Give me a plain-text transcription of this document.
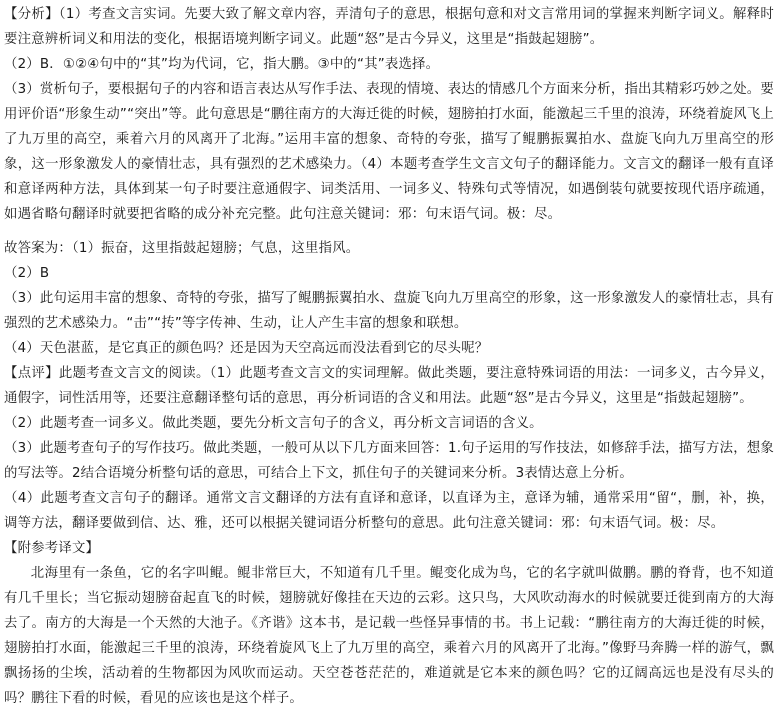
【分析】（1）考查文言实词。先要大致了解文章内容，弄清句子的意思，根据句意和对文言常用词的掌握来判断字词义。解释时要注意辨析词义和用法的变化，根据语境判断字词义。此题“怒”是古今异义，这里是“指鼓起翅膀”。

（2）B．①②④句中的“其”均为代词，它，指大鹏。③中的“其”表选择。

（3）赏析句子，要根据句子的内容和语言表达从写作手法、表现的情境、表达的情感几个方面来分析，指出其精彩巧妙之处。要用评价语“形象生动”“突出”等。此句意思是“鹏往南方的大海迁徙的时候，翅膀拍打水面，能激起三千里的浪涛，环绕着旋风飞上了九万里的高空，乘着六月的风离开了北海。”运用丰富的想象、奇特的夸张，描写了鲲鹏振翼拍水、盘旋飞向九万里高空的形象，这一形象激发人的豪情壮志，具有强烈的艺术感染力。（4）本题考查学生文言文句子的翻译能力。文言文的翻译一般有直译和意译两种方法，具体到某一句子时要注意通假字、词类活用、一词多义、特殊句式等情况，如遇倒装句就要按现代语序疏通，如遇省略句翻译时就要把省略的成分补充完整。此句注意关键词：邪：句末语气词。极：尽。

故答案为：（1）振奋，这里指鼓起翅膀；气息，这里指风。

（2）B

（3）此句运用丰富的想象、奇特的夸张，描写了鲲鹏振翼拍水、盘旋飞向九万里高空的形象，这一形象激发人的豪情壮志，具有强烈的艺术感染力。“击”“抟”等字传神、生动，让人产生丰富的想象和联想。

（4）天色湛蓝，是它真正的颜色吗？还是因为天空高远而没法看到它的尽头呢？

【点评】此题考查文言文的阅读。（1）此题考查文言文的实词理解。做此类题，要注意特殊词语的用法：一词多义，古今异义，通假字，词性活用等，还要注意翻译整句话的意思，再分析词语的含义和用法。此题“怒”是古今异义，这里是“指鼓起翅膀”。

（2）此题考查一词多义。做此类题，要先分析文言句子的含义，再分析文言词语的含义。

（3）此题考查句子的写作技巧。做此类题，一般可从以下几方面来回答：1.句子运用的写作技法，如修辞手法，描写方法，想象的写法等。2结合语境分析整句话的意思，可结合上下文，抓住句子的关键词来分析。3表情达意上分析。

（4）此题考查文言句子的翻译。通常文言文翻译的方法有直译和意译，以直译为主，意译为辅，通常采用“留“，删，补，换，调等方法，翻译要做到信、达、雅，还可以根据关键词语分析整句的意思。此句注意关键词：邪：句末语气词。极：尽。

【附参考译文】

北海里有一条鱼，它的名字叫鲲。鲲非常巨大，不知道有几千里。鲲变化成为鸟，它的名字就叫做鹏。鹏的脊背，也不知道有几千里长；当它振动翅膀奋起直飞的时候，翅膀就好像挂在天边的云彩。这只鸟，大风吹动海水的时候就要迁徙到南方的大海去了。南方的大海是一个天然的大池子。《齐谐》这本书，是记载一些怪异事情的书。书上记载：“鹏往南方的大海迁徙的时候，翅膀拍打水面，能激起三千里的浪涛，环绕着旋风飞上了九万里的高空，乘着六月的风离开了北海。”像野马奔腾一样的游气，飘飘扬扬的尘埃，活动着的生物都因为风吹而运动。天空苍苍茫茫的，难道就是它本来的颜色吗？它的辽阔高远也是没有尽头的吗？鹏往下看的时候，看见的应该也是这个样子。
